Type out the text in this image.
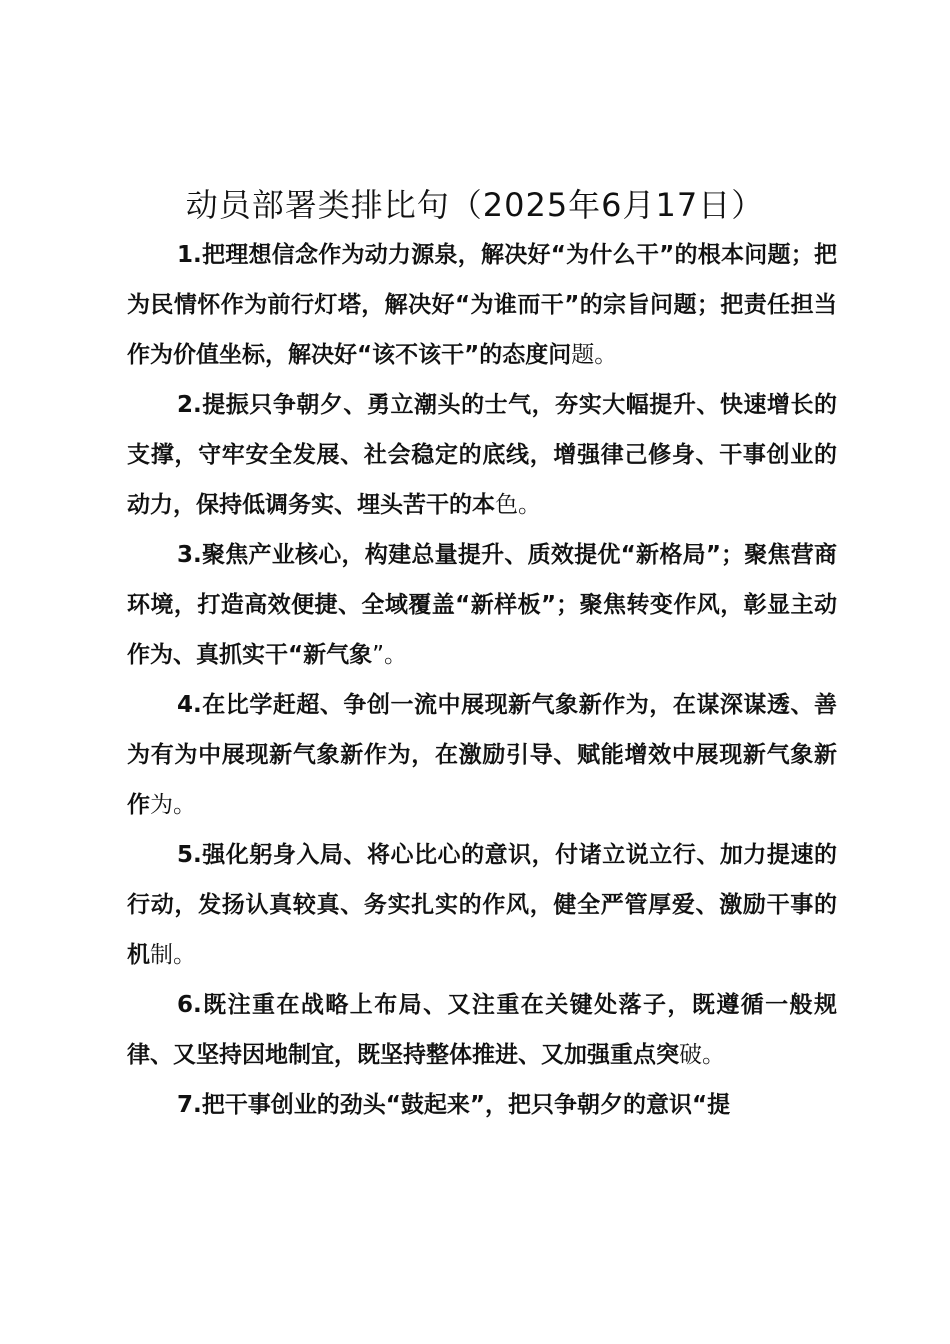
动员部署类排比句（2025年6月17日）

1.把理想信念作为动力源泉，解决好“为什么干”的根本问题；把为民情怀作为前行灯塔，解决好“为谁而干”的宗旨问题；把责任担当作为价值坐标，解决好“该不该干”的态度问题。

2.提振只争朝夕、勇立潮头的士气，夯实大幅提升、快速增长的支撑，守牢安全发展、社会稳定的底线，增强律己修身、干事创业的动力，保持低调务实、埋头苦干的本色。

3.聚焦产业核心，构建总量提升、质效提优“新格局”；聚焦营商环境，打造高效便捷、全域覆盖“新样板”；聚焦转变作风，彰显主动作为、真抓实干“新气象”。

4.在比学赶超、争创一流中展现新气象新作为，在谋深谋透、善为有为中展现新气象新作为，在激励引导、赋能增效中展现新气象新作为。

5.强化躬身入局、将心比心的意识，付诸立说立行、加力提速的行动，发扬认真较真、务实扎实的作风，健全严管厚爱、激励干事的机制。

6.既注重在战略上布局、又注重在关键处落子，既遵循一般规律、又坚持因地制宜，既坚持整体推进、又加强重点突破。

7.把干事创业的劲头“鼓起来”，把只争朝夕的意识“提
